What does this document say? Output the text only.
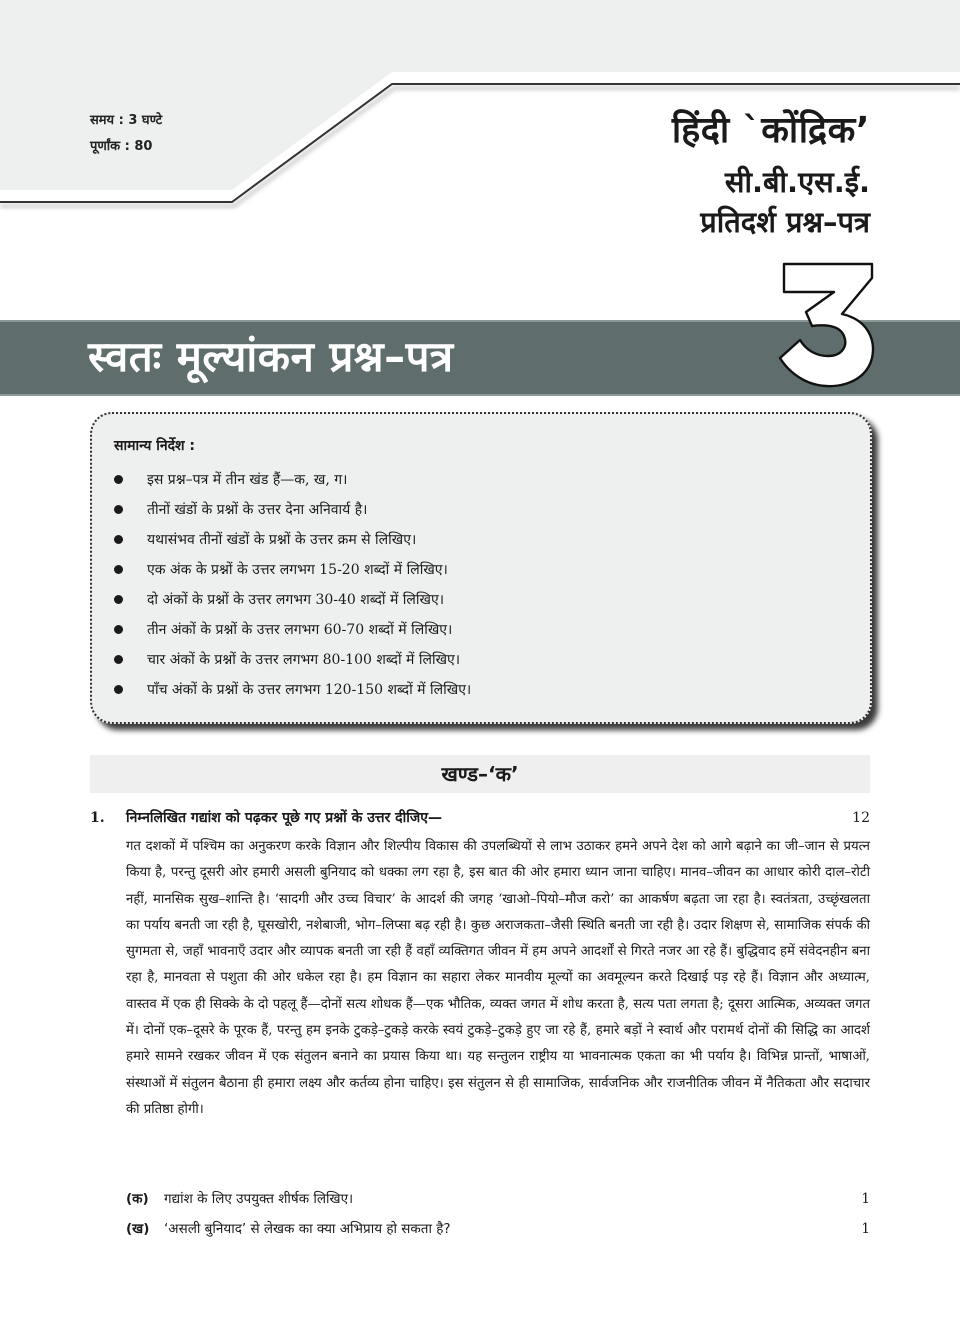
समय : 3 घण्टे
पूर्णांक : 80	हिंदी `कोंद्रिक’
सी.बी.एस.ई.
प्रतिदर्श प्रश्न–पत्र
स्वतः मूल्यांकन प्रश्न–पत्र
सामान्य निर्देश :
इस प्रश्न–पत्र में तीन खंड हैं—क, ख, ग।
तीनों खंडों के प्रश्नों के उत्तर देना अनिवार्य है।
यथासंभव तीनों खंडों के प्रश्नों के उत्तर क्रम से लिखिए।
एक अंक के प्रश्नों के उत्तर लगभग 15-20 शब्दों में लिखिए।
दो अंकों के प्रश्नों के उत्तर लगभग 30-40 शब्दों में लिखिए।
तीन अंकों के प्रश्नों के उत्तर लगभग 60-70 शब्दों में लिखिए।
चार अंकों के प्रश्नों के उत्तर लगभग 80-100 शब्दों में लिखिए।
पाँच अंकों के प्रश्नों के उत्तर लगभग 120-150 शब्दों में लिखिए।
खण्ड–‘क’
1.	निम्नलिखित गद्यांश को पढ़कर पूछे गए प्रश्नों के उत्तर दीजिए—	12
गत दशकों में पश्चिम का अनुकरण करके विज्ञान और शिल्पीय विकास की उपलब्धियों से लाभ उठाकर हमने अपने देश को आगे बढ़ाने का जी–जान से प्रयत्न किया है, परन्तु दूसरी ओर हमारी असली बुनियाद को धक्का लग रहा है, इस बात की ओर हमारा ध्यान जाना चाहिए। मानव–जीवन का आधार कोरी दाल–रोटी नहीं, मानसिक सुख–शान्ति है। ‘सादगी और उच्च विचार’ के आदर्श की जगह ‘खाओ–पियो–मौज करो’ का आकर्षण बढ़ता जा रहा है। स्वतंत्रता, उच्छृंखलता का पर्याय बनती जा रही है, घूसखोरी, नशेबाजी, भोग–लिप्सा बढ़ रही है। कुछ अराजकता–जैसी स्थिति बनती जा रही है। उदार शिक्षण से, सामाजिक संपर्क की सुगमता से, जहाँ भावनाएँ उदार और व्यापक बनती जा रही हैं वहाँ व्यक्तिगत जीवन में हम अपने आदर्शों से गिरते नजर आ रहे हैं। बुद्धिवाद हमें संवेदनहीन बना रहा है, मानवता से पशुता की ओर धकेल रहा है। हम विज्ञान का सहारा लेकर मानवीय मूल्यों का अवमूल्यन करते दिखाई पड़ रहे हैं। विज्ञान और अध्यात्म, वास्तव में एक ही सिक्के के दो पहलू हैं—दोनों सत्य शोधक हैं—एक भौतिक, व्यक्त जगत में शोध करता है, सत्य पता लगता है; दूसरा आत्मिक, अव्यक्त जगत में। दोनों एक–दूसरे के पूरक हैं, परन्तु हम इनके टुकड़े–टुकड़े करके स्वयं टुकड़े–टुकड़े हुए जा रहे हैं, हमारे बड़ों ने स्वार्थ और परामर्थ दोनों की सिद्धि का आदर्श हमारे सामने रखकर जीवन में एक संतुलन बनाने का प्रयास किया था। यह सन्तुलन राष्ट्रीय या भावनात्मक एकता का भी पर्याय है। विभिन्न प्रान्तों, भाषाओं, संस्थाओं में संतुलन बैठाना ही हमारा लक्ष्य और कर्तव्य होना चाहिए। इस संतुलन से ही सामाजिक, सार्वजनिक और राजनीतिक जीवन में नैतिकता और सदाचार की प्रतिष्ठा होगी।
(क)	गद्यांश के लिए उपयुक्त शीर्षक लिखिए।	1
(ख)	‘असली बुनियाद’ से लेखक का क्या अभिप्राय हो सकता है?	1
